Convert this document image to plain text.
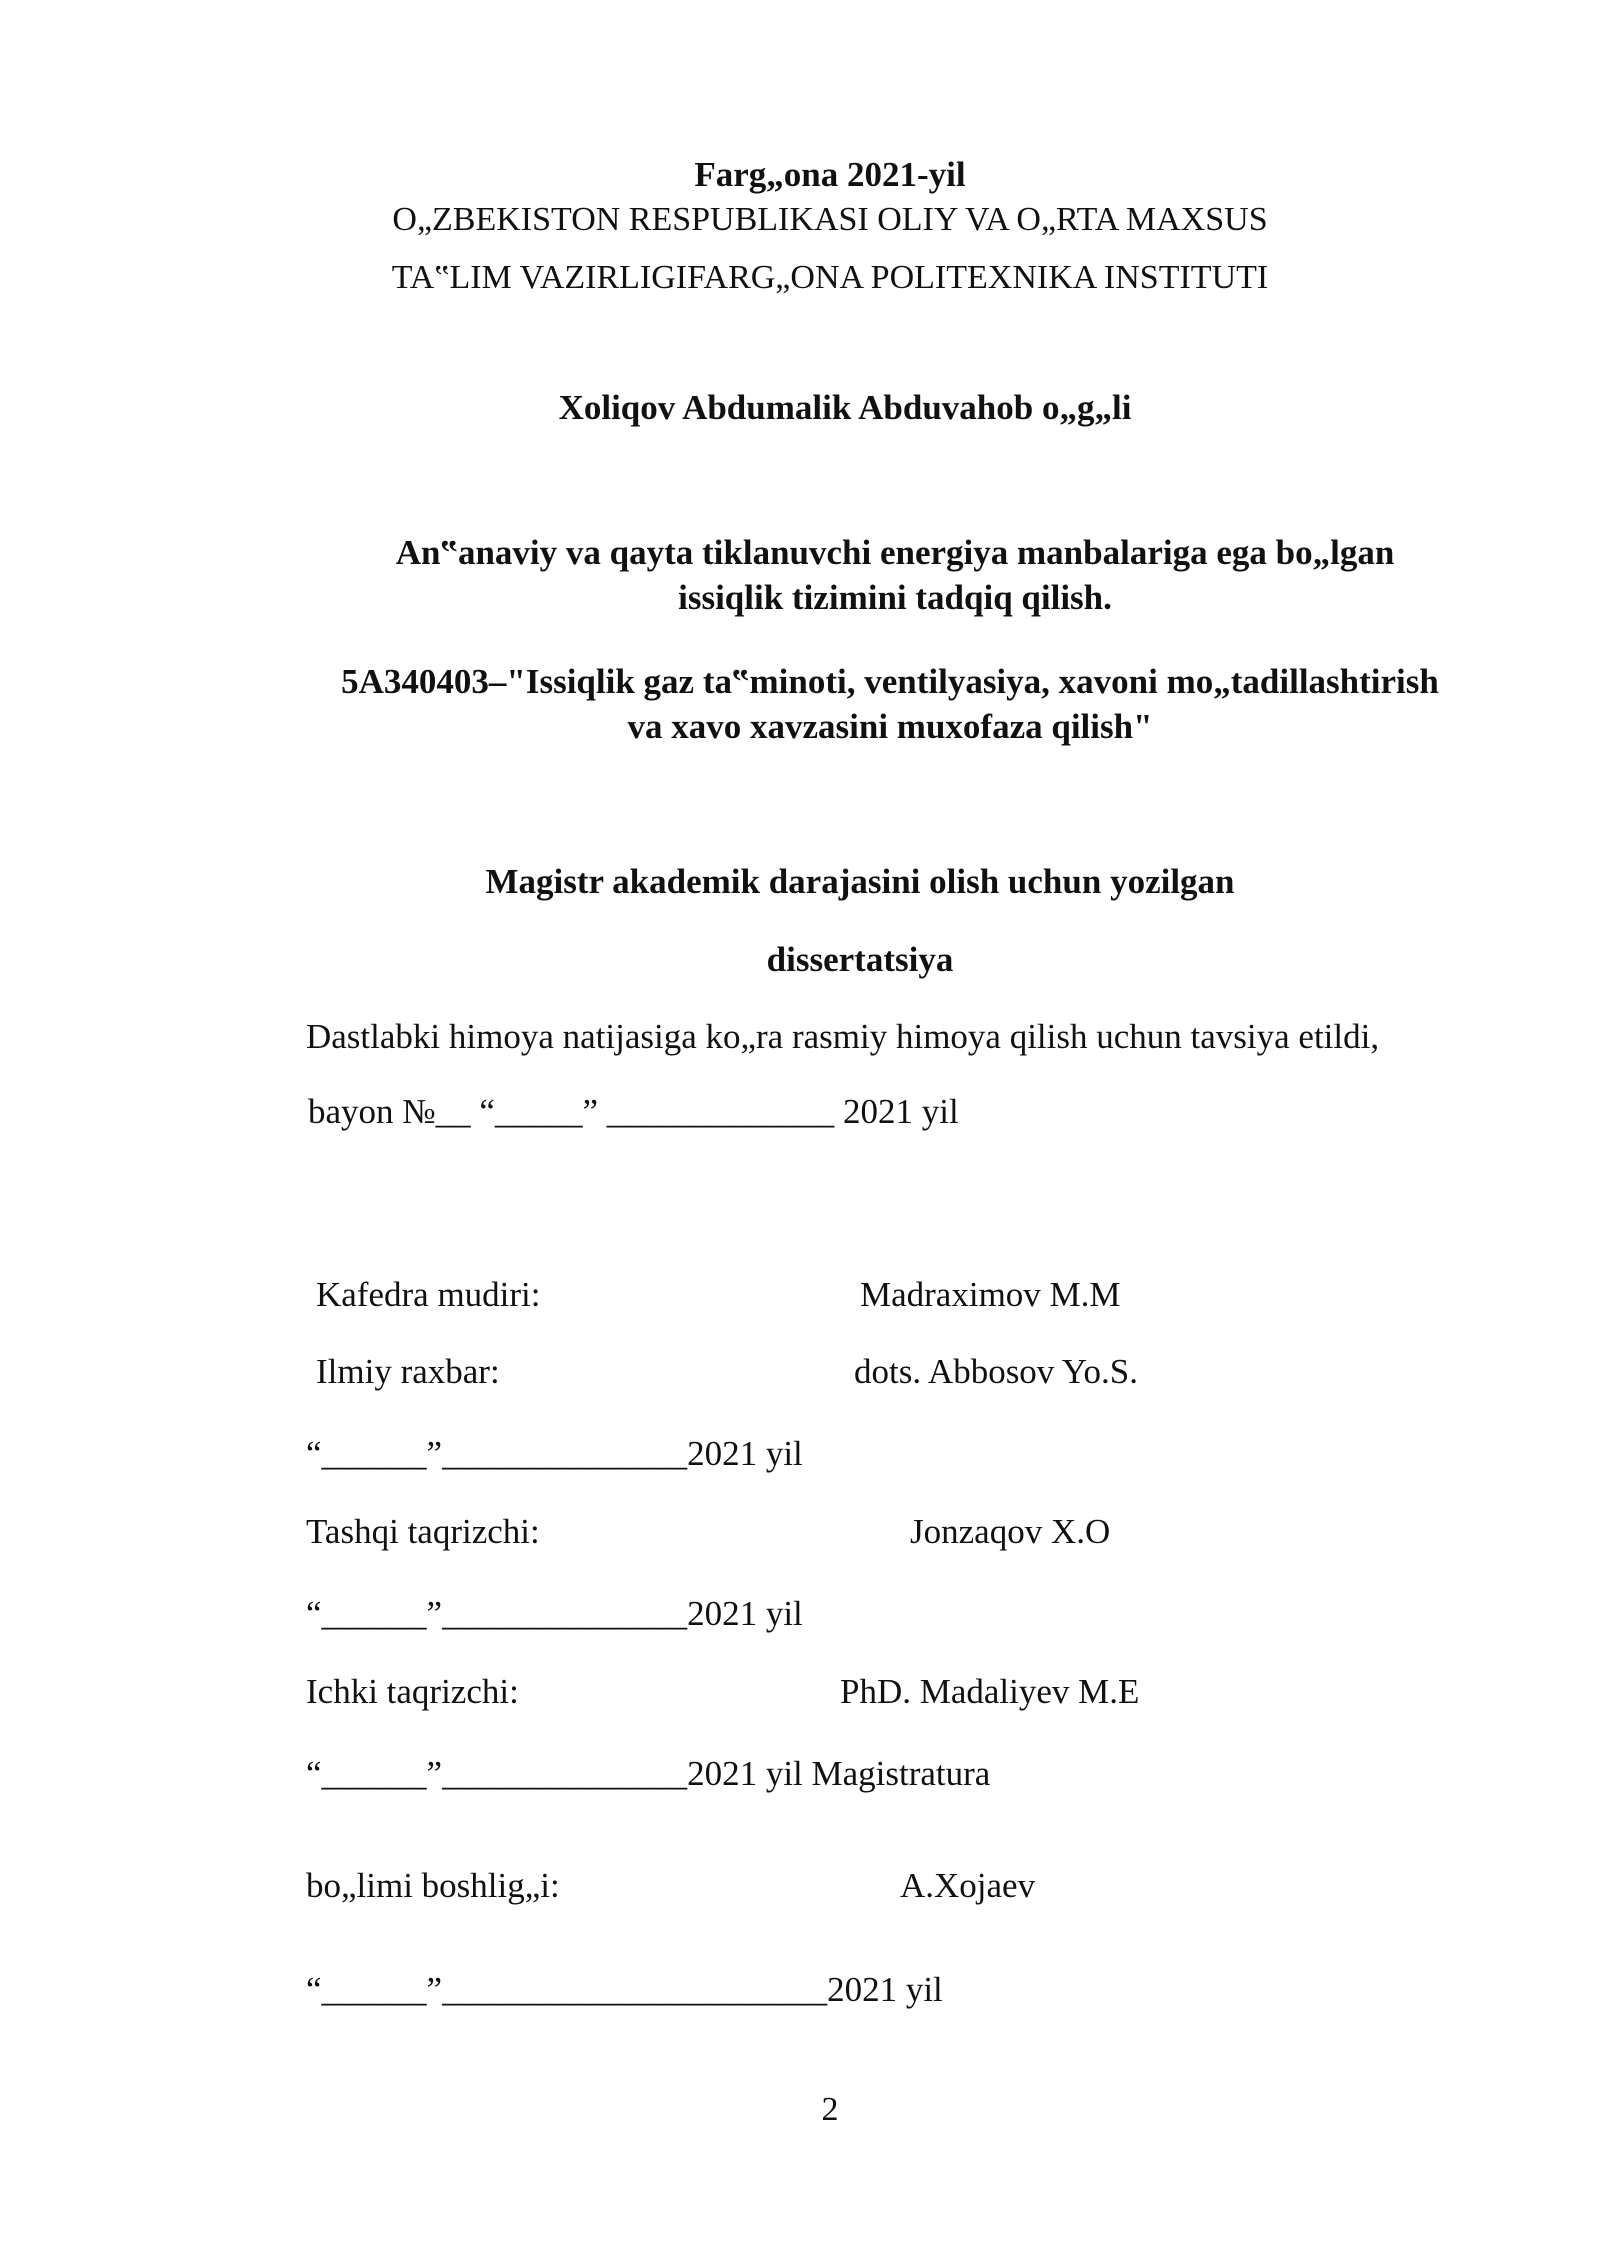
Farg„ona 2021-yil
O„ZBEKISTON RESPUBLIKASI OLIY VA O„RTA MAXSUS
TA‟LIM VAZIRLIGIFARG„ONA POLITEXNIKA INSTITUTI
Xoliqov Abdumalik Abduvahob o„g„li
An‟anaviy va qayta tiklanuvchi energiya manbalariga ega bo„lgan
issiqlik tizimini tadqiq qilish.
5A340403–"Issiqlik gaz ta‟minoti, ventilyasiya, xavoni mo„tadillashtirish
va xavo xavzasini muxofaza qilish"
Magistr akademik darajasini olish uchun yozilgan
dissertatsiya
Dastlabki himoya natijasiga ko„ra rasmiy himoya qilish uchun tavsiya etildi,
bayon №__ “_____” _____________ 2021 yil
Kafedra mudiri:	Madraximov M.M
Ilmiy raxbar:	dots. Abbosov Yo.S.
“______”______________2021 yil
Tashqi taqrizchi:	Jonzaqov X.O
“______”______________2021 yil
Ichki taqrizchi:	PhD. Madaliyev M.E
“______”______________2021 yil Magistratura
bo„limi boshlig„i:	A.Xojaev
“______”______________________2021 yil
2
